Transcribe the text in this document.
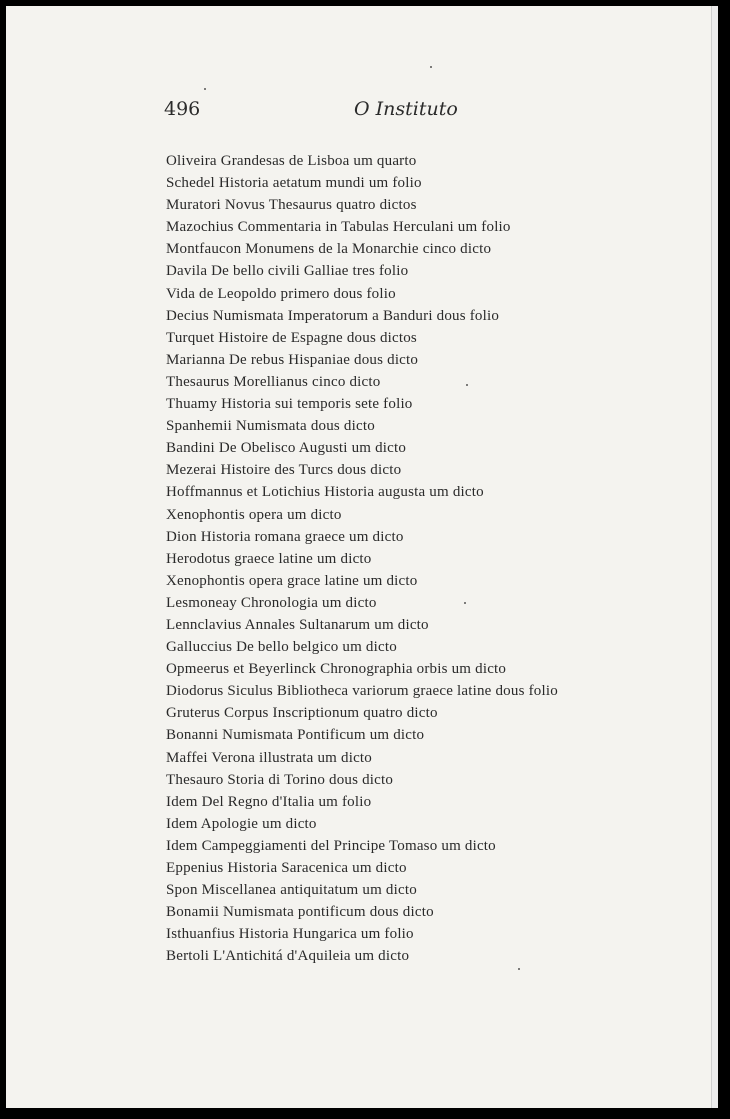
496	O Instituto
Oliveira Grandesas de Lisboa um quarto
Schedel Historia aetatum mundi um folio
Muratori Novus Thesaurus quatro dictos
Mazochius Commentaria in Tabulas Herculani um folio
Montfaucon Monumens de la Monarchie cinco dicto
Davila De bello civili Galliae tres folio
Vida de Leopoldo primero dous folio
Decius Numismata Imperatorum a Banduri dous folio
Turquet Histoire de Espagne dous dictos
Marianna De rebus Hispaniae dous dicto
Thesaurus Morellianus cinco dicto
Thuamy Historia sui temporis sete folio
Spanhemii Numismata dous dicto
Bandini De Obelisco Augusti um dicto
Mezerai Histoire des Turcs dous dicto
Hoffmannus et Lotichius Historia augusta um dicto
Xenophontis opera um dicto
Dion Historia romana graece um dicto
Herodotus graece latine um dicto
Xenophontis opera grace latine um dicto
Lesmoneay Chronologia um dicto
Lennclavius Annales Sultanarum um dicto
Galluccius De bello belgico um dicto
Opmeerus et Beyerlinck Chronographia orbis um dicto
Diodorus Siculus Bibliotheca variorum graece latine dous folio
Gruterus Corpus Inscriptionum quatro dicto
Bonanni Numismata Pontificum um dicto
Maffei Verona illustrata um dicto
Thesauro Storia di Torino dous dicto
Idem Del Regno d'Italia um folio
Idem Apologie um dicto
Idem Campeggiamenti del Principe Tomaso um dicto
Eppenius Historia Saracenica um dicto
Spon Miscellanea antiquitatum um dicto
Bonamii Numismata pontificum dous dicto
Isthuanfius Historia Hungarica um folio
Bertoli L'Antichitá d'Aquileia um dicto
